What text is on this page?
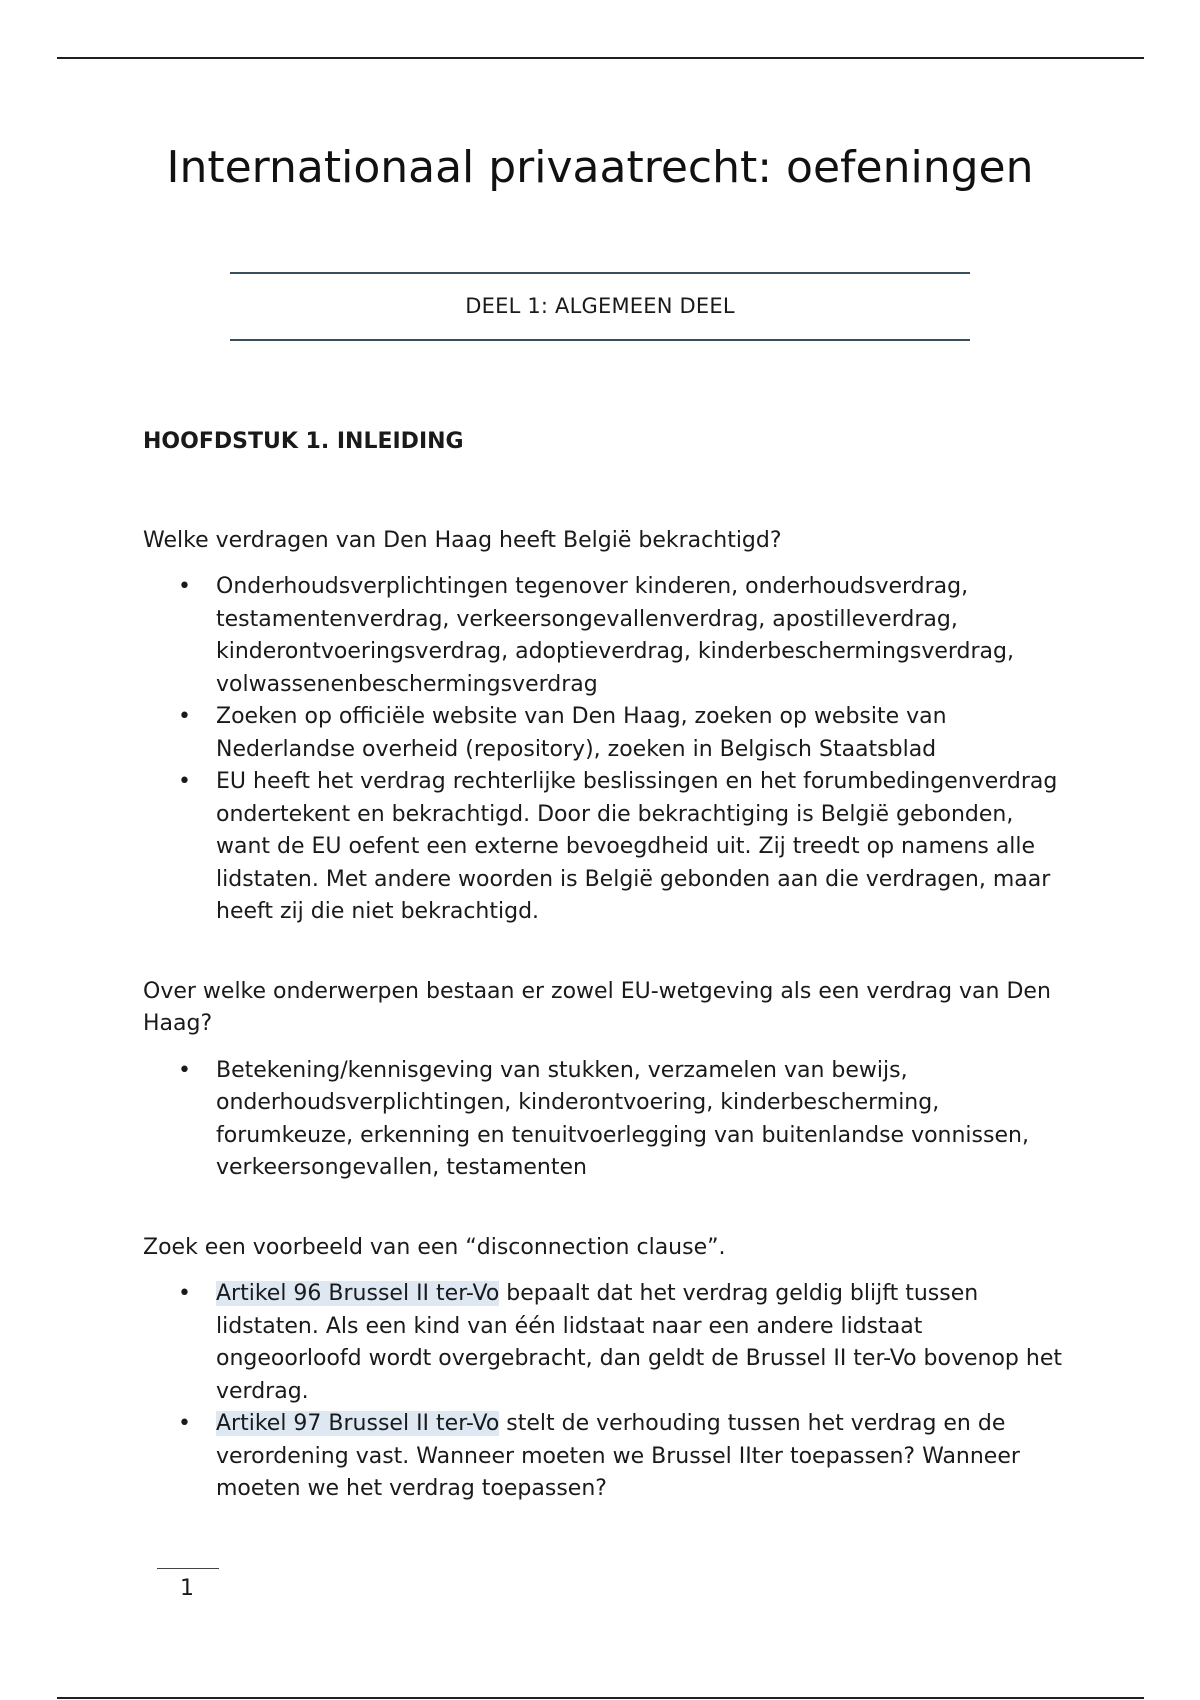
Internationaal privaatrecht: oefeningen
DEEL 1: ALGEMEEN DEEL
HOOFDSTUK 1. INLEIDING

Welke verdragen van Den Haag heeft België bekrachtigd?

• Onderhoudsverplichtingen tegenover kinderen, onderhoudsverdrag, testamentenverdrag, verkeersongevallenverdrag, apostilleverdrag, kinderontvoeringsverdrag, adoptieverdrag, kinderbeschermingsverdrag, volwassenenbeschermingsverdrag
• Zoeken op officiële website van Den Haag, zoeken op website van Nederlandse overheid (repository), zoeken in Belgisch Staatsblad
• EU heeft het verdrag rechterlijke beslissingen en het forumbedingenverdrag ondertekent en bekrachtigd. Door die bekrachtiging is België gebonden, want de EU oefent een externe bevoegdheid uit. Zij treedt op namens alle lidstaten. Met andere woorden is België gebonden aan die verdragen, maar heeft zij die niet bekrachtigd.

Over welke onderwerpen bestaan er zowel EU-wetgeving als een verdrag van Den Haag?

• Betekening/kennisgeving van stukken, verzamelen van bewijs, onderhoudsverplichtingen, kinderontvoering, kinderbescherming, forumkeuze, erkenning en tenuitvoerlegging van buitenlandse vonnissen, verkeersongevallen, testamenten

Zoek een voorbeeld van een “disconnection clause”.

• Artikel 96 Brussel II ter-Vo bepaalt dat het verdrag geldig blijft tussen lidstaten. Als een kind van één lidstaat naar een andere lidstaat ongeoorloofd wordt overgebracht, dan geldt de Brussel II ter-Vo bovenop het verdrag.
• Artikel 97 Brussel II ter-Vo stelt de verhouding tussen het verdrag en de verordening vast. Wanneer moeten we Brussel IIter toepassen? Wanneer moeten we het verdrag toepassen?
1
